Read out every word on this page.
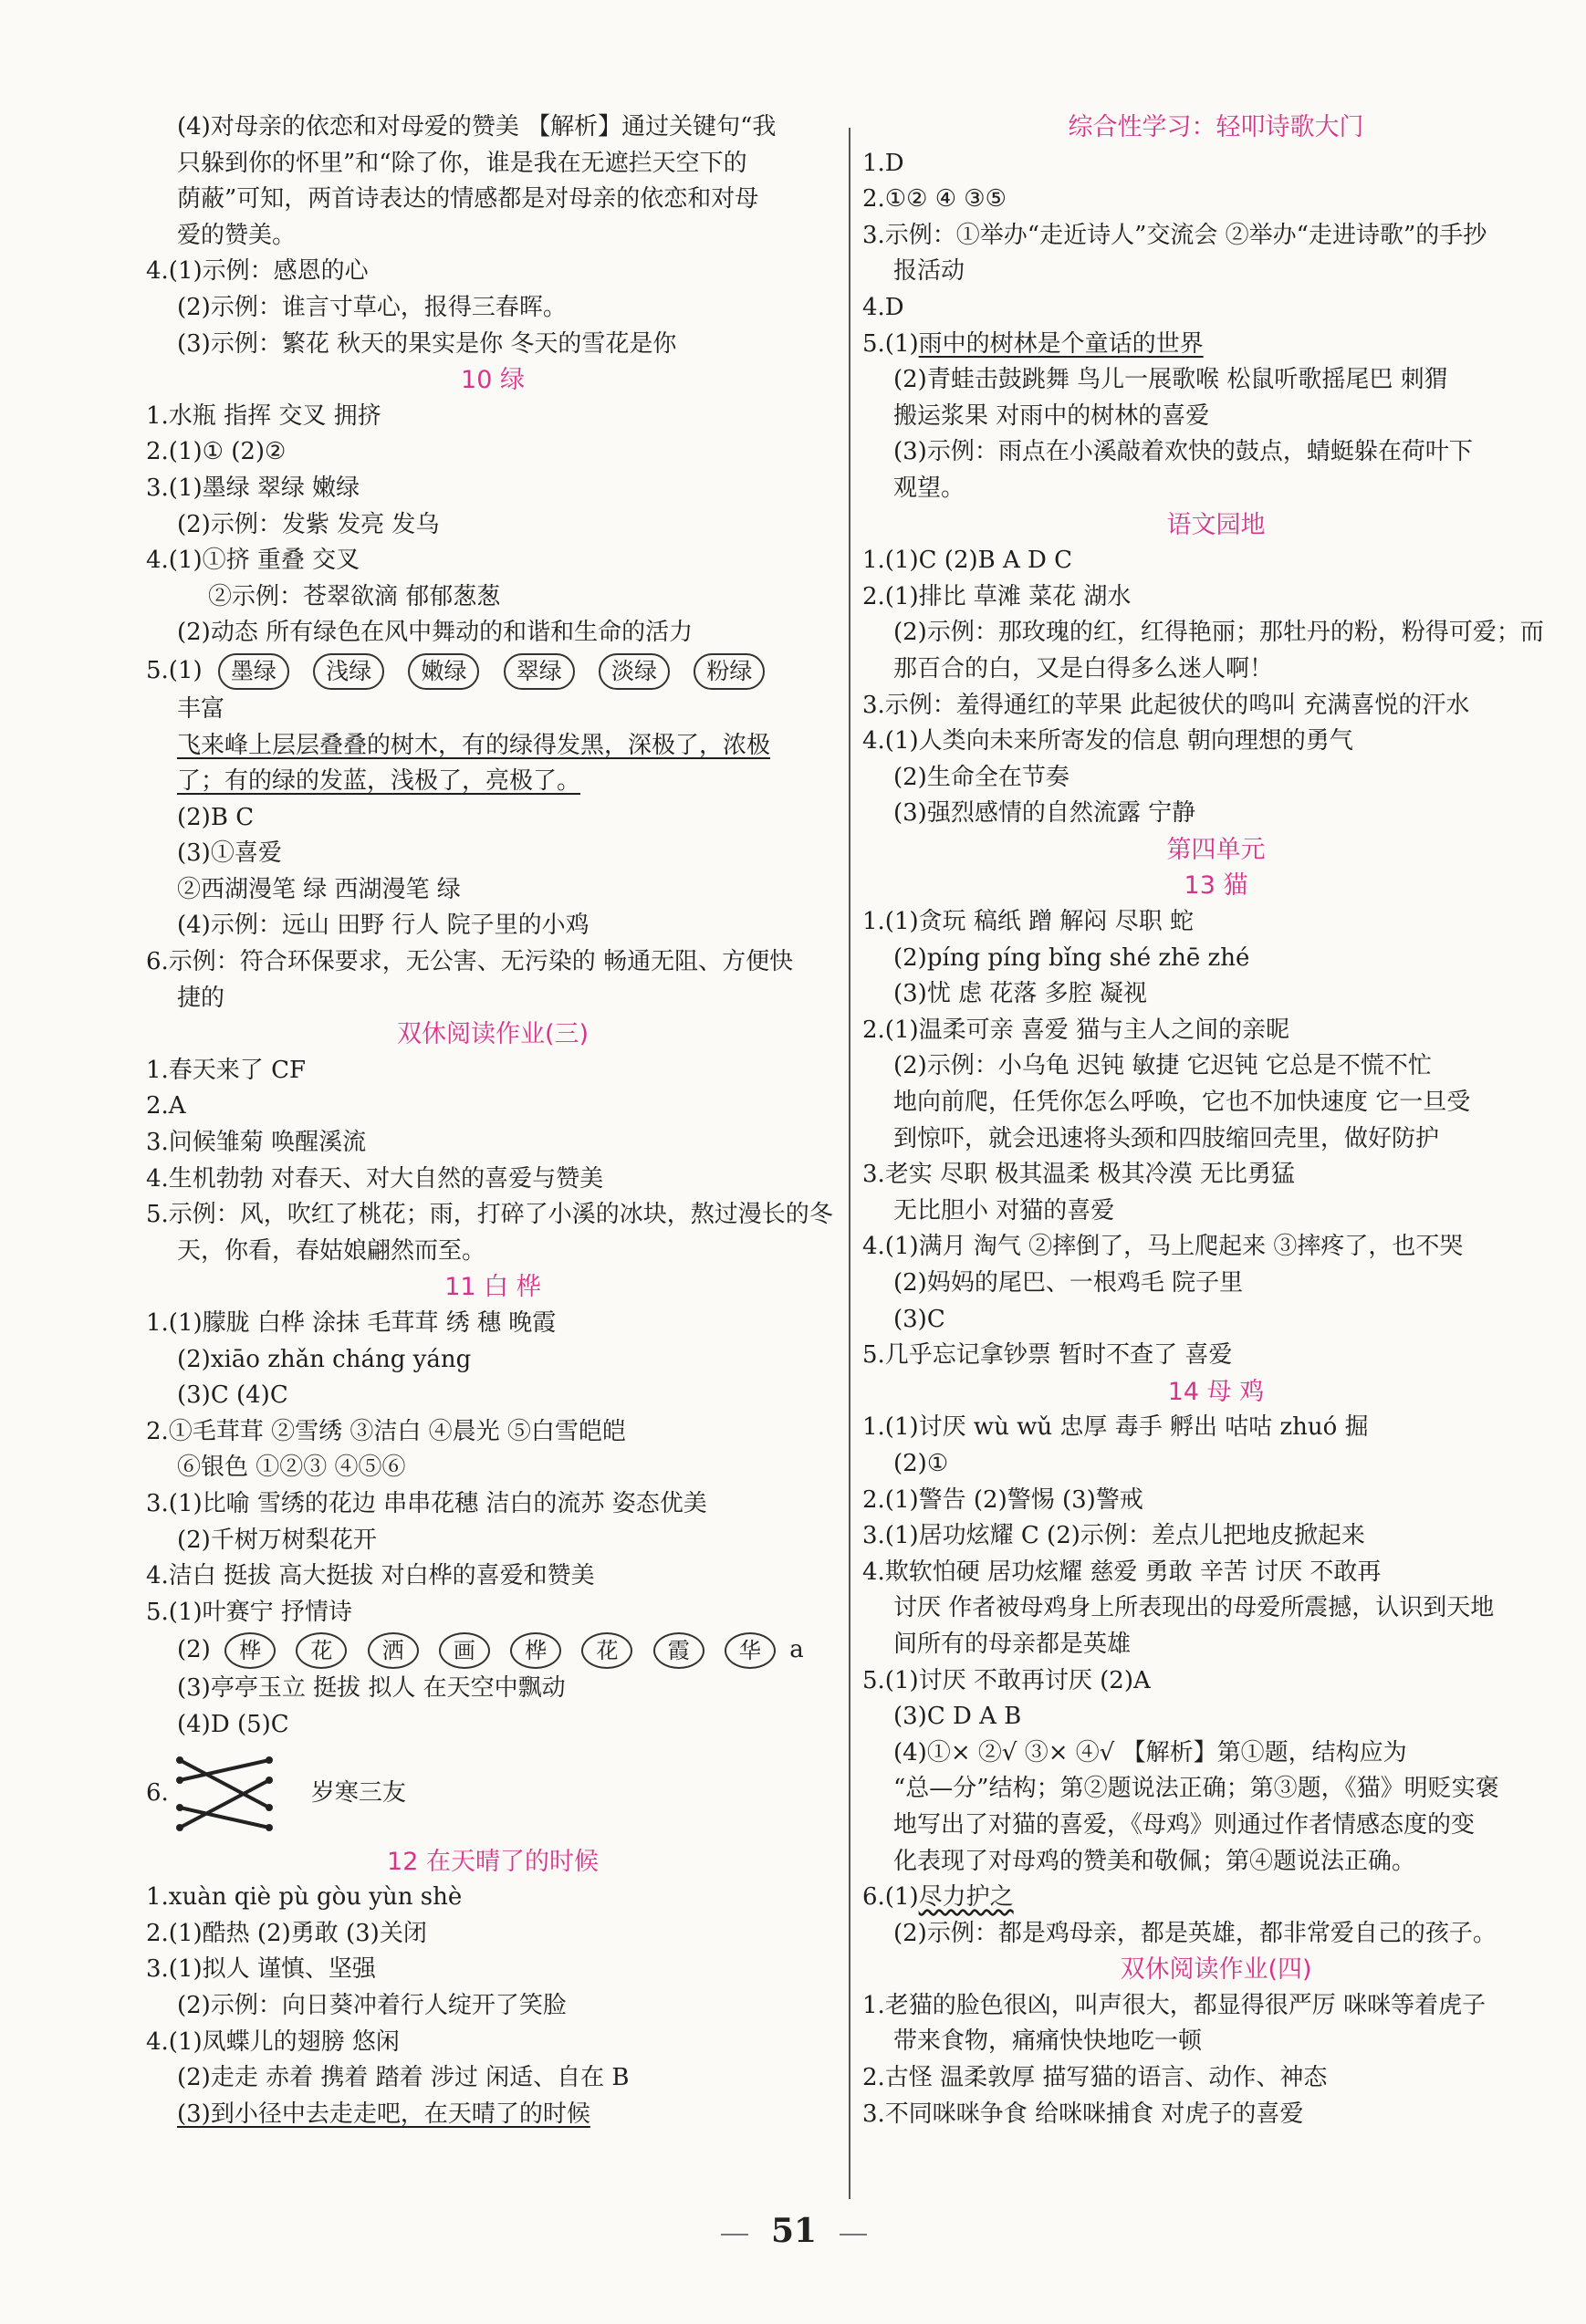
(4)对母亲的依恋和对母爱的赞美 【解析】通过关键句“我
只躲到你的怀里”和“除了你，谁是我在无遮拦天空下的
荫蔽”可知，两首诗表达的情感都是对母亲的依恋和对母
爱的赞美。
4.(1)示例：感恩的心
(2)示例：谁言寸草心，报得三春晖。
(3)示例：繁花 秋天的果实是你 冬天的雪花是你
10 绿
1.水瓶 指挥 交叉 拥挤
2.(1)① (2)②
3.(1)墨绿 翠绿 嫩绿
(2)示例：发紫 发亮 发乌
4.(1)①挤 重叠 交叉
②示例：苍翠欲滴 郁郁葱葱
(2)动态 所有绿色在风中舞动的和谐和生命的活力
5.(1) 墨绿 浅绿 嫩绿 翠绿 淡绿 粉绿
丰富
飞来峰上层层叠叠的树木，有的绿得发黑，深极了，浓极
了；有的绿的发蓝，浅极了，亮极了。
(2)B C
(3)①喜爱
②西湖漫笔 绿 西湖漫笔 绿
(4)示例：远山 田野 行人 院子里的小鸡
6.示例：符合环保要求，无公害、无污染的 畅通无阻、方便快
捷的
双休阅读作业(三)
1.春天来了 CF
2.A
3.问候雏菊 唤醒溪流
4.生机勃勃 对春天、对大自然的喜爱与赞美
5.示例：风，吹红了桃花；雨，打碎了小溪的冰块，熬过漫长的冬
天，你看，春姑娘翩然而至。
11 白 桦
1.(1)朦胧 白桦 涂抹 毛茸茸 绣 穗 晚霞
(2)xiāo zhǎn cháng yáng
(3)C (4)C
2.①毛茸茸 ②雪绣 ③洁白 ④晨光 ⑤白雪皑皑
⑥银色 ①②③ ④⑤⑥
3.(1)比喻 雪绣的花边 串串花穗 洁白的流苏 姿态优美
(2)千树万树梨花开
4.洁白 挺拔 高大挺拔 对白桦的喜爱和赞美
5.(1)叶赛宁 抒情诗
(2) 桦 花 洒 画 桦 花 霞 华 a
(3)亭亭玉立 挺拔 拟人 在天空中飘动
(4)D (5)C
6.	岁寒三友
12 在天晴了的时候
1.xuàn qiè pù gòu yùn shè
2.(1)酷热 (2)勇敢 (3)关闭
3.(1)拟人 谨慎、坚强
(2)示例：向日葵冲着行人绽开了笑脸
4.(1)凤蝶儿的翅膀 悠闲
(2)走走 赤着 携着 踏着 涉过 闲适、自在 B
(3)到小径中去走走吧，在天晴了的时候
综合性学习：轻叩诗歌大门
1.D
2.①② ④ ③⑤
3.示例：①举办“走近诗人”交流会 ②举办“走进诗歌”的手抄
报活动
4.D
5.(1)雨中的树林是个童话的世界
(2)青蛙击鼓跳舞 鸟儿一展歌喉 松鼠听歌摇尾巴 刺猬
搬运浆果 对雨中的树林的喜爱
(3)示例：雨点在小溪敲着欢快的鼓点，蜻蜓躲在荷叶下
观望。
语文园地
1.(1)C (2)B A D C
2.(1)排比 草滩 菜花 湖水
(2)示例：那玫瑰的红，红得艳丽；那牡丹的粉，粉得可爱；而
那百合的白，又是白得多么迷人啊！
3.示例：羞得通红的苹果 此起彼伏的鸣叫 充满喜悦的汗水
4.(1)人类向未来所寄发的信息 朝向理想的勇气
(2)生命全在节奏
(3)强烈感情的自然流露 宁静
第四单元
13 猫
1.(1)贪玩 稿纸 蹭 解闷 尽职 蛇
(2)píng píng bǐng shé zhē zhé
(3)忧 虑 花落 多腔 凝视
2.(1)温柔可亲 喜爱 猫与主人之间的亲昵
(2)示例：小乌龟 迟钝 敏捷 它迟钝 它总是不慌不忙
地向前爬，任凭你怎么呼唤，它也不加快速度 它一旦受
到惊吓，就会迅速将头颈和四肢缩回壳里，做好防护
3.老实 尽职 极其温柔 极其冷漠 无比勇猛
无比胆小 对猫的喜爱
4.(1)满月 淘气 ②摔倒了，马上爬起来 ③摔疼了，也不哭
(2)妈妈的尾巴、一根鸡毛 院子里
(3)C
5.几乎忘记拿钞票 暂时不查了 喜爱
14 母 鸡
1.(1)讨厌 wù wǔ 忠厚 毒手 孵出 咕咕 zhuó 掘
(2)①
2.(1)警告 (2)警惕 (3)警戒
3.(1)居功炫耀 C (2)示例：差点儿把地皮掀起来
4.欺软怕硬 居功炫耀 慈爱 勇敢 辛苦 讨厌 不敢再
讨厌 作者被母鸡身上所表现出的母爱所震撼，认识到天地
间所有的母亲都是英雄
5.(1)讨厌 不敢再讨厌 (2)A
(3)C D A B
(4)①× ②√ ③× ④√ 【解析】第①题，结构应为
“总—分”结构；第②题说法正确；第③题，《猫》明贬实褒
地写出了对猫的喜爱，《母鸡》则通过作者情感态度的变
化表现了对母鸡的赞美和敬佩；第④题说法正确。
6.(1)尽力护之
(2)示例：都是鸡母亲，都是英雄，都非常爱自己的孩子。
双休阅读作业(四)
1.老猫的脸色很凶，叫声很大，都显得很严厉 咪咪等着虎子
带来食物，痛痛快快地吃一顿
2.古怪 温柔敦厚 描写猫的语言、动作、神态
3.不同咪咪争食 给咪咪捕食 对虎子的喜爱
51
